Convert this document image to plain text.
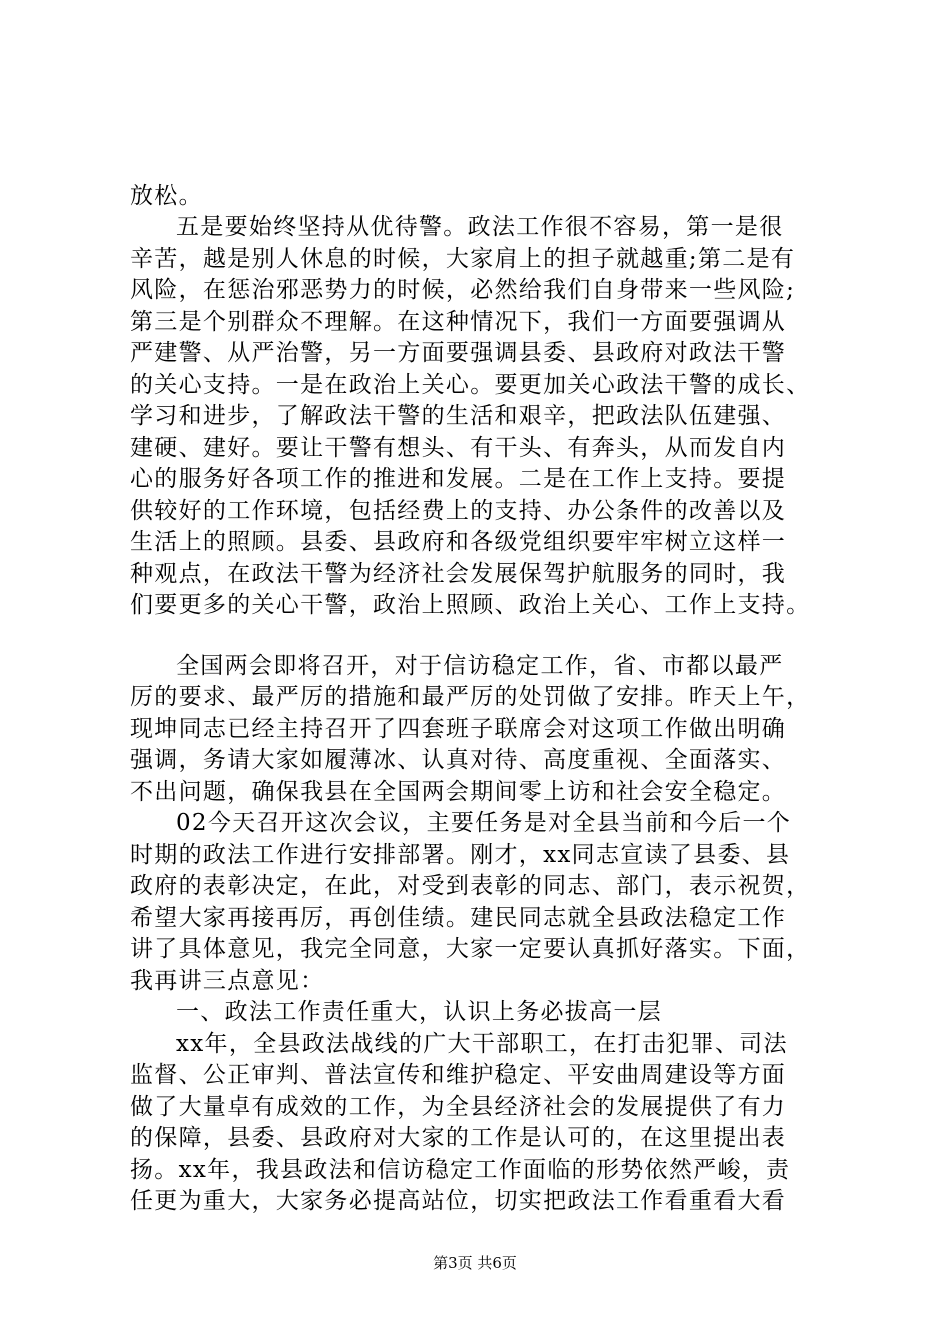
放松。
五是要始终坚持从优待警。政法工作很不容易，第一是很
辛苦，越是别人休息的时候，大家肩上的担子就越重;第二是有
风险，在惩治邪恶势力的时候，必然给我们自身带来一些风险;
第三是个别群众不理解。在这种情况下，我们一方面要强调从
严建警、从严治警，另一方面要强调县委、县政府对政法干警
的关心支持。一是在政治上关心。要更加关心政法干警的成长、
学习和进步，了解政法干警的生活和艰辛，把政法队伍建强、
建硬、建好。要让干警有想头、有干头、有奔头，从而发自内
心的服务好各项工作的推进和发展。二是在工作上支持。要提
供较好的工作环境，包括经费上的支持、办公条件的改善以及
生活上的照顾。县委、县政府和各级党组织要牢牢树立这样一
种观点，在政法干警为经济社会发展保驾护航服务的同时，我
们要更多的关心干警，政治上照顾、政治上关心、工作上支持。
全国两会即将召开，对于信访稳定工作，省、市都以最严
厉的要求、最严厉的措施和最严厉的处罚做了安排。昨天上午，
现坤同志已经主持召开了四套班子联席会对这项工作做出明确
强调，务请大家如履薄冰、认真对待、高度重视、全面落实、
不出问题，确保我县在全国两会期间零上访和社会安全稳定。
02今天召开这次会议，主要任务是对全县当前和今后一个
时期的政法工作进行安排部署。刚才，xx同志宣读了县委、县
政府的表彰决定，在此，对受到表彰的同志、部门，表示祝贺，
希望大家再接再厉，再创佳绩。建民同志就全县政法稳定工作
讲了具体意见，我完全同意，大家一定要认真抓好落实。下面，
我再讲三点意见：
一、政法工作责任重大，认识上务必拔高一层
xx年，全县政法战线的广大干部职工，在打击犯罪、司法
监督、公正审判、普法宣传和维护稳定、平安曲周建设等方面
做了大量卓有成效的工作，为全县经济社会的发展提供了有力
的保障，县委、县政府对大家的工作是认可的，在这里提出表
扬。xx年，我县政法和信访稳定工作面临的形势依然严峻，责
任更为重大，大家务必提高站位，切实把政法工作看重看大看
第3页 共6页
